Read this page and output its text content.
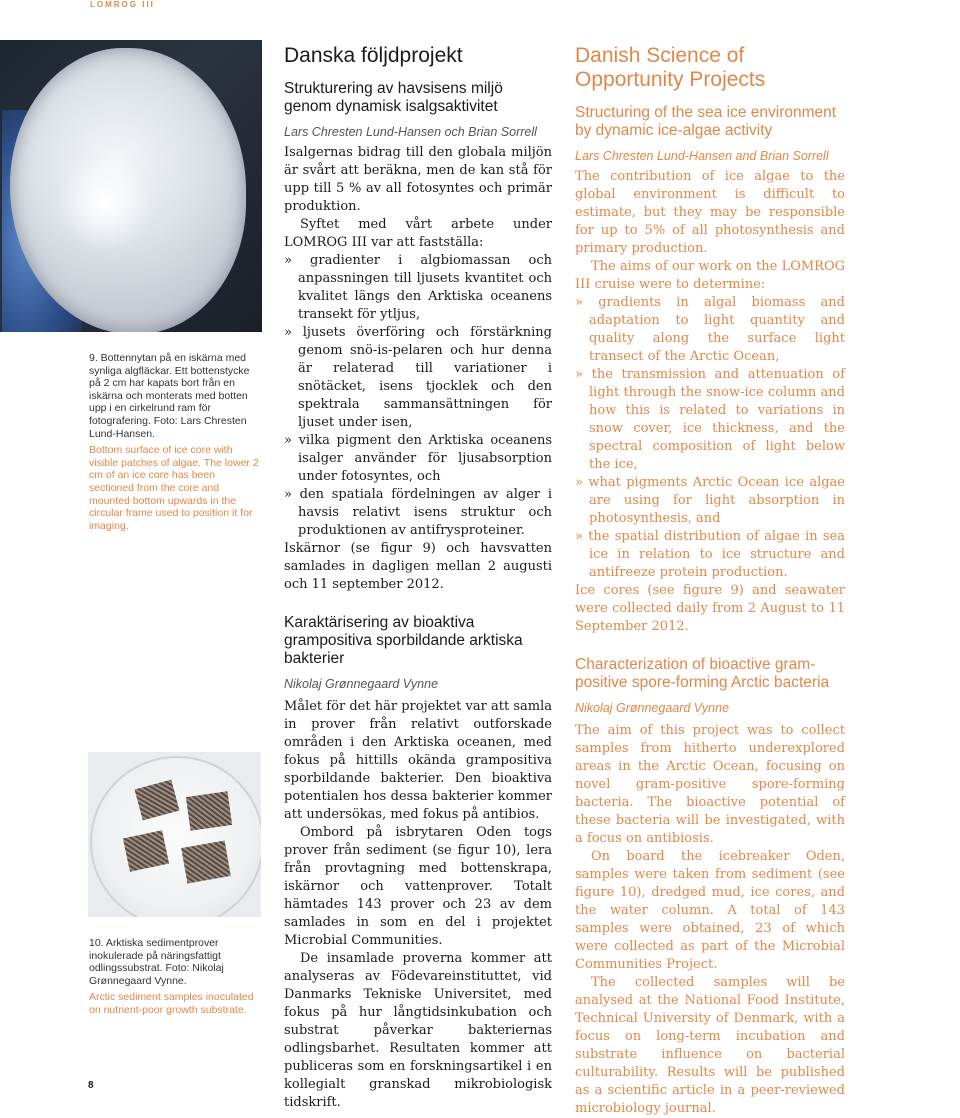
LOMROG III
9. Bottennytan på en iskärna med synliga algfläckar. Ett bottenstycke på 2 cm har kapats bort från en iskärna och monterats med botten upp i en cirkelrund ram för fotografering. Foto: Lars Chresten Lund-Hansen.
Bottom surface of ice core with visible patches of algae. The lower 2 cm of an ice core has been sectioned from the core and mounted bottom upwards in the circular frame used to position it for imaging.
10. Arktiska sedimentprover inokulerade på näringsfattigt odlingssubstrat. Foto: Nikolaj Grønnegaard Vynne.
Arctic sediment samples inoculated on nutrient-poor growth substrate.
Danska följdprojekt
Strukturering av havsisens miljö genom dynamisk isalgsaktivitet
Lars Chresten Lund-Hansen och Brian Sorrell

Isalgernas bidrag till den globala miljön är svårt att beräkna, men de kan stå för upp till 5 % av all fotosyntes och primär produktion.

Syftet med vårt arbete under LOMROG III var att fastställa:

» gradienter i algbiomassan och anpassningen till ljusets kvantitet och kvalitet längs den Arktiska oceanens transekt för ytljus,

» ljusets överföring och förstärkning genom snö-is-pelaren och hur denna är relaterad till variationer i snötäcket, isens tjocklek och den spektrala sammansättningen för ljuset under isen,

» vilka pigment den Arktiska oceanens isalger använder för ljusabsorption under fotosyntes, och

» den spatiala fördelningen av alger i havsis relativt isens struktur och produktionen av antifrysproteiner.

Iskärnor (se figur 9) och havsvatten samlades in dagligen mellan 2 augusti och 11 september 2012.

Karaktärisering av bioaktiva grampositiva sporbildande arktiska bakterier
Nikolaj Grønnegaard Vynne

Målet för det här projektet var att samla in prover från relativt outforskade områden i den Arktiska oceanen, med fokus på hittills okända grampositiva sporbildande bakterier. Den bioaktiva potentialen hos dessa bakterier kommer att undersökas, med fokus på antibios.

Ombord på isbrytaren Oden togs prover från sediment (se figur 10), lera från provtagning med bottenskrapa, iskärnor och vattenprover. Totalt hämtades 143 prover och 23 av dem samlades in som en del i projektet Microbial Communities.

De insamlade proverna kommer att analyseras av Födevareinstituttet, vid Danmarks Tekniske Universitet, med fokus på hur långtidsinkubation och substrat påverkar bakteriernas odlingsbarhet. Resultaten kommer att publiceras som en forskningsartikel i en kollegialt granskad mikrobiologisk tidskrift.

Danish Science of Opportunity Projects
Structuring of the sea ice environment by dynamic ice-algae activity
Lars Chresten Lund-Hansen and Brian Sorrell

The contribution of ice algae to the global environment is difficult to estimate, but they may be responsible for up to 5% of all photosynthesis and primary production.

The aims of our work on the LOMROG III cruise were to determine:

» gradients in algal biomass and adaptation to light quantity and quality along the surface light transect of the Arctic Ocean,

» the transmission and attenuation of light through the snow-ice column and how this is related to variations in snow cover, ice thickness, and the spectral composition of light below the ice,

» what pigments Arctic Ocean ice algae are using for light absorption in photosynthesis, and

» the spatial distribution of algae in sea ice in relation to ice structure and antifreeze protein production.

Ice cores (see figure 9) and seawater were collected daily from 2 August to 11 September 2012.

Characterization of bioactive gram-positive spore-forming Arctic bacteria
Nikolaj Grønnegaard Vynne

The aim of this project was to collect samples from hitherto underexplored areas in the Arctic Ocean, focusing on novel gram-positive spore-forming bacteria. The bioactive potential of these bacteria will be investigated, with a focus on antibiosis.

On board the icebreaker Oden, samples were taken from sediment (see figure 10), dredged mud, ice cores, and the water column. A total of 143 samples were obtained, 23 of which were collected as part of the Microbial Communities Project.

The collected samples will be analysed at the National Food Institute, Technical University of Denmark, with a focus on long-term incubation and substrate influence on bacterial culturability. Results will be published as a scientific article in a peer-reviewed microbiology journal.

8
